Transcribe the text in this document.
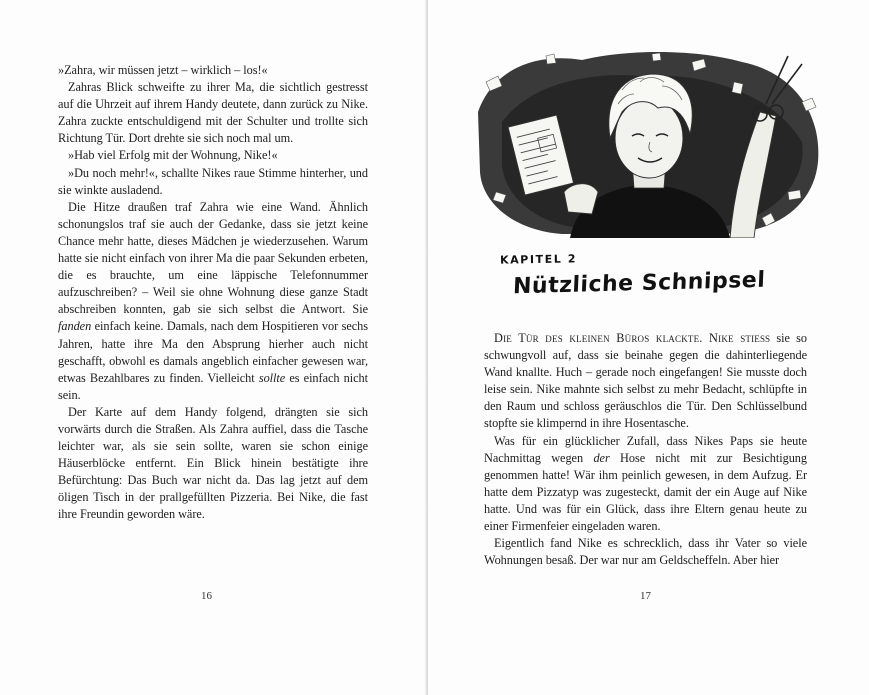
»Zahra, wir müssen jetzt – wirklich – los!«

Zahras Blick schweifte zu ihrer Ma, die sichtlich gestresst auf die Uhrzeit auf ihrem Handy deutete, dann zurück zu Nike. Zahra zuckte entschuldigend mit der Schulter und trollte sich Richtung Tür. Dort drehte sie sich noch mal um.

»Hab viel Erfolg mit der Wohnung, Nike!«

»Du noch mehr!«, schallte Nikes raue Stimme hinterher, und sie winkte ausladend.

Die Hitze draußen traf Zahra wie eine Wand. Ähnlich schonungslos traf sie auch der Gedanke, dass sie jetzt keine Chance mehr hatte, dieses Mädchen je wiederzusehen. Warum hatte sie nicht einfach von ihrer Ma die paar Sekunden erbeten, die es brauchte, um eine läppische Telefonnummer aufzuschreiben? – Weil sie ohne Wohnung diese ganze Stadt abschreiben konnten, gab sie sich selbst die Antwort. Sie fanden einfach keine. Damals, nach dem Hospitieren vor sechs Jahren, hatte ihre Ma den Absprung hierher auch nicht geschafft, obwohl es damals angeblich einfacher gewesen war, etwas Bezahlbares zu finden. Vielleicht sollte es einfach nicht sein.

Der Karte auf dem Handy folgend, drängten sie sich vorwärts durch die Straßen. Als Zahra auffiel, dass die Tasche leichter war, als sie sein sollte, waren sie schon einige Häuserblöcke entfernt. Ein Blick hinein bestätigte ihre Befürchtung: Das Buch war nicht da. Das lag jetzt auf dem öligen Tisch in der prallgefüllten Pizzeria. Bei Nike, die fast ihre Freundin geworden wäre.

16	17
KAPITEL 2
Nützliche Schnipsel

Die Tür des kleinen Büros klackte. Nike stieß sie so schwungvoll auf, dass sie beinahe gegen die dahinterliegende Wand knallte. Huch – gerade noch eingefangen! Sie musste doch leise sein. Nike mahnte sich selbst zu mehr Bedacht, schlüpfte in den Raum und schloss geräuschlos die Tür. Den Schlüsselbund stopfte sie klimpernd in ihre Hosentasche.

Was für ein glücklicher Zufall, dass Nikes Paps sie heute Nachmittag wegen der Hose nicht mit zur Besichtigung genommen hatte! Wär ihm peinlich gewesen, in dem Aufzug. Er hatte dem Pizzatyp was zugesteckt, damit der ein Auge auf Nike hatte. Und was für ein Glück, dass ihre Eltern genau heute zu einer Firmenfeier eingeladen waren.

Eigentlich fand Nike es schrecklich, dass ihr Vater so viele Wohnungen besaß. Der war nur am Geldscheffeln. Aber hier
